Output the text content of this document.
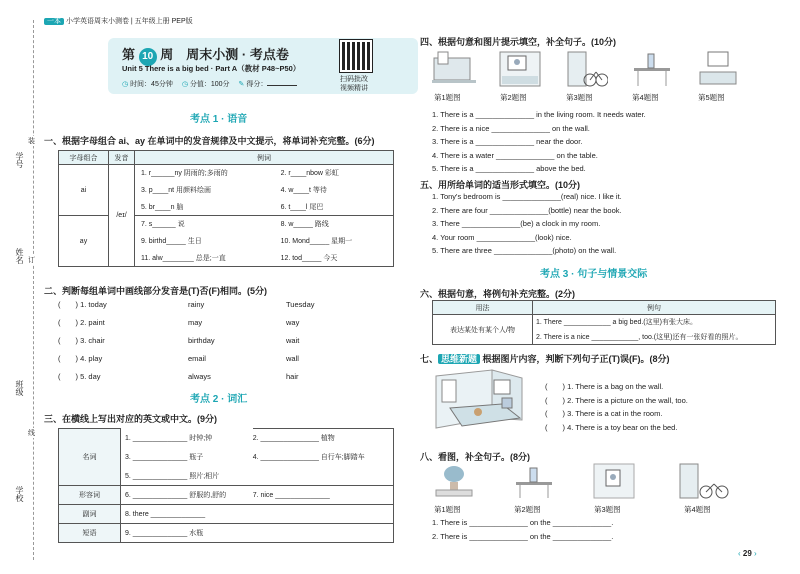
学号
姓名
班级
学校
装
订
线
一本 小学英语周末小测卷 | 五年级上册 PEP版
第 10 周　周末小测 · 考点卷
Unit 5 There is a big bed · Part A（教材 P48~P50）
◷ 时间：45分钟　 ◷ 分值：100分　 ✎ 得分：
扫码批改
视频精讲
考点 1 · 语音
一、根据字母组合 ai、ay 在单词中的发音规律及中文提示，将单词补充完整。(6分)
字母组合	发音	例词	
ai	/eɪ/	1. r______ny 阴雨的;多雨的	2. r____nbow 彩虹
		3. p____nt 用颜料绘画	4. w____t 等待
		5. br____n 脑	6. t____l 尾巴
ay		7. s______ 说	8. w_____ 路线
		9. birthd_____ 生日	10. Mond_____ 星期一
		11. alw________ 总是;一直	12. tod_____ 今天
二、判断每组单词中画线部分发音是(T)否(F)相同。(5分)
(　　) 1. today	rainy	Tuesday
(　　) 2. paint	may	way
(　　) 3. chair	birthday	wait
(　　) 4. play	email	wall
(　　) 5. day	always	hair
考点 2 · 词汇
三、在横线上写出对应的英文或中文。(9分)
名词	1. ______________ 时钟;钟	2. _______________ 植物
	3. ______________ 瓶子	4. _______________ 自行车;脚踏车
	5. ______________ 照片;相片	
形容词	6. ______________ 舒服的,舒的	7. nice ______________
副词	8. there ______________	
短语	9. ______________ 水瓶	
四、根据句意和图片提示填空，补全句子。(10分)
第1题图	第2题图	第3题图	第4题图	第5题图
1. There is a ______________ in the living room. It needs water.
2. There is a nice ______________ on the wall.
3. There is a ______________ near the door.
4. There is a water ______________ on the table.
5. There is a ______________ above the bed.
五、用所给单词的适当形式填空。(10分)
1. Tony's bedroom is ______________(real) nice. I like it.
2. There are four ______________(bottle) near the book.
3. There ______________(be) a clock in my room.
4. Your room ______________(look) nice.
5. There are three ______________(photo) on the wall.
考点 3 · 句子与情景交际
六、根据句意，将例句补充完整。(2分)
用法	例句
表达某处有某个人/物	1. There ____________ a big bed.(这里)有张大床。
	2. There is a nice ____________, too.(这里)还有一张好看的照片。
七、 思维新题 根据图片内容，判断下列句子正(T)误(F)。(8分)
(　　) 1. There is a bag on the wall.
(　　) 2. There is a picture on the wall, too.
(　　) 3. There is a cat in the room.
(　　) 4. There is a toy bear on the bed.
八、看图，补全句子。(8分)
第1题图	第2题图	第3题图	第4题图
1. There is ______________ on the ______________.
2. There is ______________ on the ______________.
‹ 29 ›
